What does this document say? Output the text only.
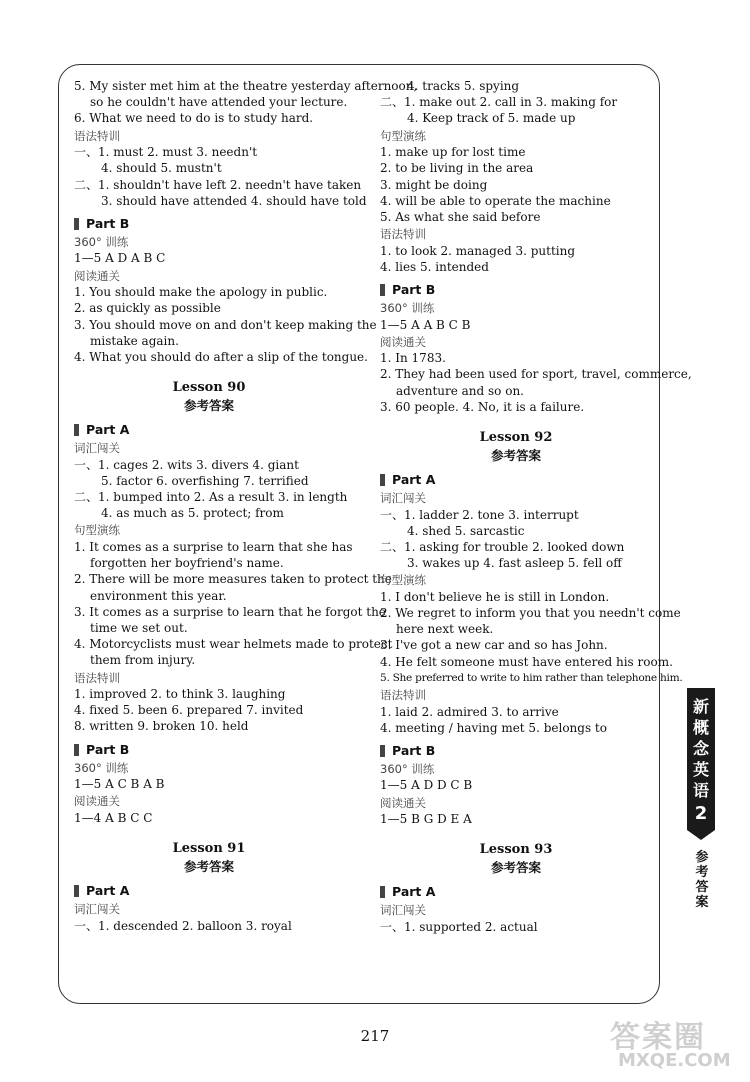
5. My sister met him at the theatre yesterday afternoon,
so he couldn't have attended your lecture.
6. What we need to do is to study hard.
语法特训
一、1. must 2. must 3. needn't
4. should 5. mustn't
二、1. shouldn't have left 2. needn't have taken
3. should have attended 4. should have told
Part B
360° 训练
1—5 A D A B C
阅读通关
1. You should make the apology in public.
2. as quickly as possible
3. You should move on and don't keep making the
mistake again.
4. What you should do after a slip of the tongue.
Lesson 90
参考答案
Part A
词汇闯关
一、1. cages 2. wits 3. divers 4. giant
5. factor 6. overfishing 7. terrified
二、1. bumped into 2. As a result 3. in length
4. as much as 5. protect; from
句型演练
1. It comes as a surprise to learn that she has
forgotten her boyfriend's name.
2. There will be more measures taken to protect the
environment this year.
3. It comes as a surprise to learn that he forgot the
time we set out.
4. Motorcyclists must wear helmets made to protect
them from injury.
语法特训
1. improved 2. to think 3. laughing
4. fixed 5. been 6. prepared 7. invited
8. written 9. broken 10. held
Part B
360° 训练
1—5 A C B A B
阅读通关
1—4 A B C C
Lesson 91
参考答案
Part A
词汇闯关
一、1. descended 2. balloon 3. royal
4. tracks 5. spying
二、1. make out 2. call in 3. making for
4. Keep track of 5. made up
句型演练
1. make up for lost time
2. to be living in the area
3. might be doing
4. will be able to operate the machine
5. As what she said before
语法特训
1. to look 2. managed 3. putting
4. lies 5. intended
Part B
360° 训练
1—5 A A B C B
阅读通关
1. In 1783.
2. They had been used for sport, travel, commerce,
adventure and so on.
3. 60 people. 4. No, it is a failure.
Lesson 92
参考答案
Part A
词汇闯关
一、1. ladder 2. tone 3. interrupt
4. shed 5. sarcastic
二、1. asking for trouble 2. looked down
3. wakes up 4. fast asleep 5. fell off
句型演练
1. I don't believe he is still in London.
2. We regret to inform you that you needn't come
here next week.
3. I've got a new car and so has John.
4. He felt someone must have entered his room.
5. She preferred to write to him rather than telephone him.
语法特训
1. laid 2. admired 3. to arrive
4. meeting / having met 5. belongs to
Part B
360° 训练
1—5 A D D C B
阅读通关
1—5 B G D E A
Lesson 93
参考答案
Part A
词汇闯关
一、1. supported 2. actual
新
概
念
英
语
2
参
考
答
案
217	答案圈
MXQE.COM
